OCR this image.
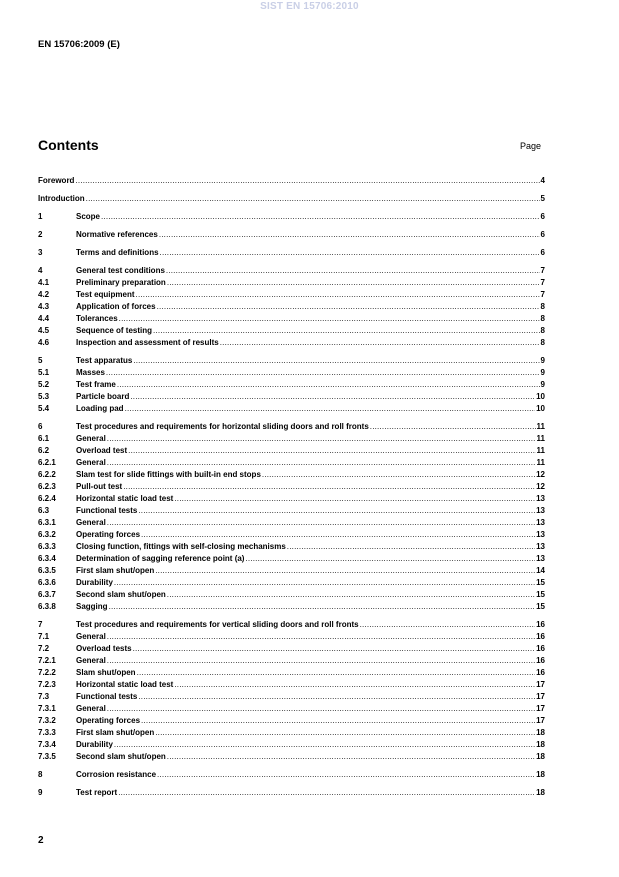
SIST EN 15706:2010
EN 15706:2009 (E)
Contents	Page
Foreword .....	4
Introduction .....	5
1	Scope .....	6
2	Normative references .....	6
3	Terms and definitions .....	6
4	General test conditions .....	7
4.1	Preliminary preparation .....	7
4.2	Test equipment .....	7
4.3	Application of forces .....	8
4.4	Tolerances .....	8
4.5	Sequence of testing .....	8
4.6	Inspection and assessment of results .....	8
5	Test apparatus .....	9
5.1	Masses .....	9
5.2	Test frame .....	9
5.3	Particle board .....	10
5.4	Loading pad .....	10
6	Test procedures and requirements for horizontal sliding doors and roll fronts .....	11
6.1	General .....	11
6.2	Overload test .....	11
6.2.1	General .....	11
6.2.2	Slam test for slide fittings with built-in end stops .....	12
6.2.3	Pull-out test .....	12
6.2.4	Horizontal static load test .....	13
6.3	Functional tests .....	13
6.3.1	General .....	13
6.3.2	Operating forces .....	13
6.3.3	Closing function, fittings with self-closing mechanisms .....	13
6.3.4	Determination of sagging reference point (a) .....	13
6.3.5	First slam shut/open .....	14
6.3.6	Durability .....	15
6.3.7	Second slam shut/open .....	15
6.3.8	Sagging .....	15
7	Test procedures and requirements for vertical sliding doors and roll fronts .....	16
7.1	General .....	16
7.2	Overload tests .....	16
7.2.1	General .....	16
7.2.2	Slam shut/open .....	16
7.2.3	Horizontal static load test .....	17
7.3	Functional tests .....	17
7.3.1	General .....	17
7.3.2	Operating forces .....	17
7.3.3	First slam shut/open .....	18
7.3.4	Durability .....	18
7.3.5	Second slam shut/open .....	18
8	Corrosion resistance .....	18
9	Test report .....	18
2
